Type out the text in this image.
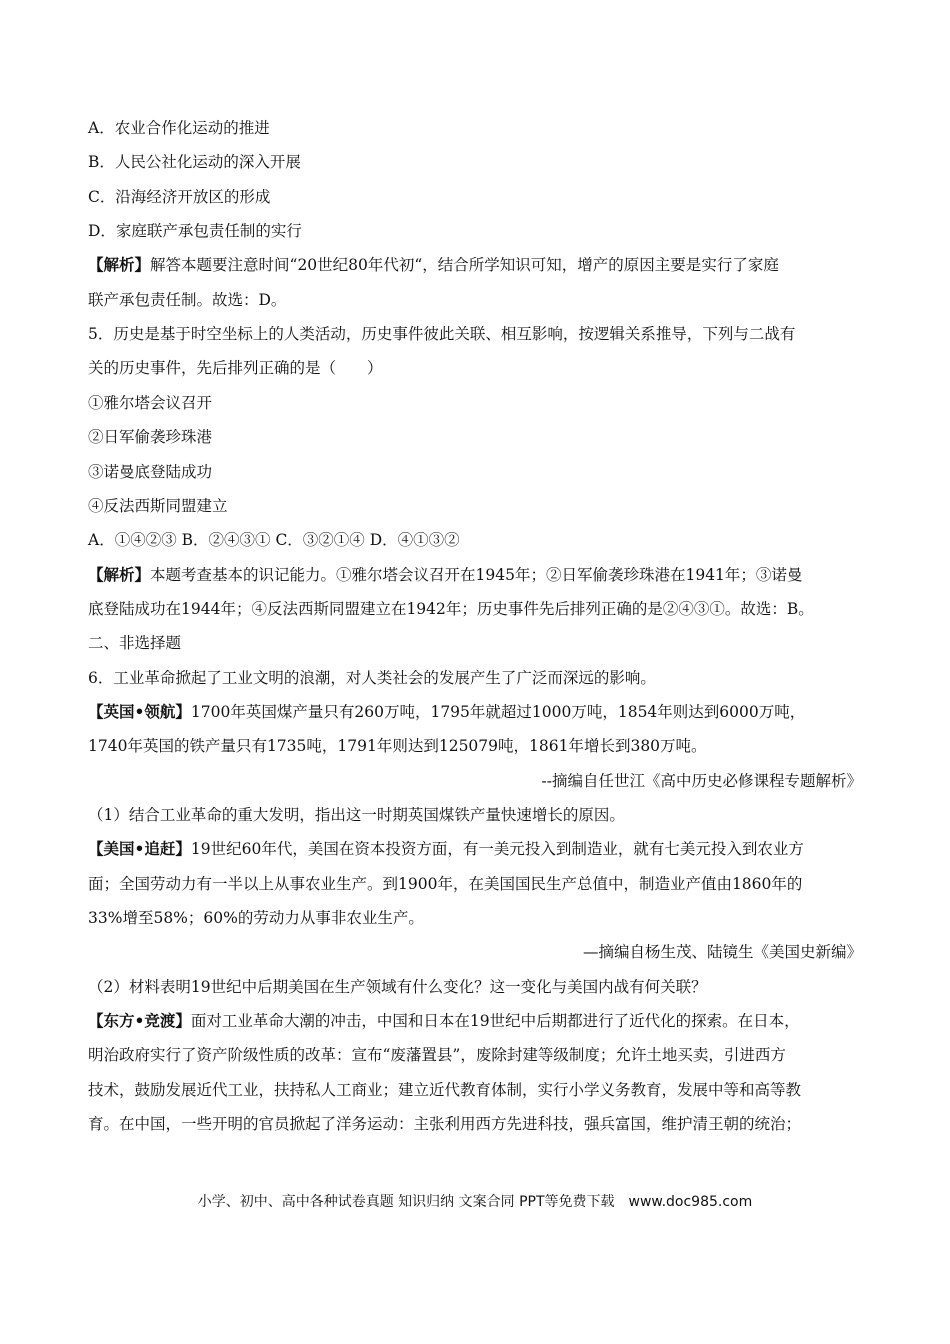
A．农业合作化运动的推进
B．人民公社化运动的深入开展
C．沿海经济开放区的形成
D．家庭联产承包责任制的实行
【解析】解答本题要注意时间“20世纪80年代初“，结合所学知识可知，增产的原因主要是实行了家庭
联产承包责任制。故选：D。
5．历史是基于时空坐标上的人类活动，历史事件彼此关联、相互影响，按逻辑关系推导，下列与二战有
关的历史事件，先后排列正确的是（　　）
①雅尔塔会议召开
②日军偷袭珍珠港
③诺曼底登陆成功
④反法西斯同盟建立
A．①④②③ B．②④③① C．③②①④ D．④①③②
【解析】本题考查基本的识记能力。①雅尔塔会议召开在1945年；②日军偷袭珍珠港在1941年；③诺曼
底登陆成功在1944年；④反法西斯同盟建立在1942年；历史事件先后排列正确的是②④③①。故选：B。
二、非选择题
6．工业革命掀起了工业文明的浪潮，对人类社会的发展产生了广泛而深远的影响。
【英国•领航】1700年英国煤产量只有260万吨，1795年就超过1000万吨，1854年则达到6000万吨，
1740年英国的铁产量只有1735吨，1791年则达到125079吨，1861年增长到380万吨。
--摘编自任世江《高中历史必修课程专题解析》
（1）结合工业革命的重大发明，指出这一时期英国煤铁产量快速增长的原因。
【美国•追赶】19世纪60年代，美国在资本投资方面，有一美元投入到制造业，就有七美元投入到农业方
面；全国劳动力有一半以上从事农业生产。到1900年，在美国国民生产总值中，制造业产值由1860年的
33%增至58%；60%的劳动力从事非农业生产。
—摘编自杨生茂、陆镜生《美国史新编》
（2）材料表明19世纪中后期美国在生产领域有什么变化？这一变化与美国内战有何关联？
【东方•竞渡】面对工业革命大潮的冲击，中国和日本在19世纪中后期都进行了近代化的探索。在日本，
明治政府实行了资产阶级性质的改革：宣布“废藩置县”，废除封建等级制度；允许土地买卖，引进西方
技术，鼓励发展近代工业，扶持私人工商业；建立近代教育体制，实行小学义务教育，发展中等和高等教
育。在中国，一些开明的官员掀起了洋务运动：主张利用西方先进科技，强兵富国，维护清王朝的统治；
小学、初中、高中各种试卷真题 知识归纳 文案合同 PPT等免费下载　www.doc985.com
